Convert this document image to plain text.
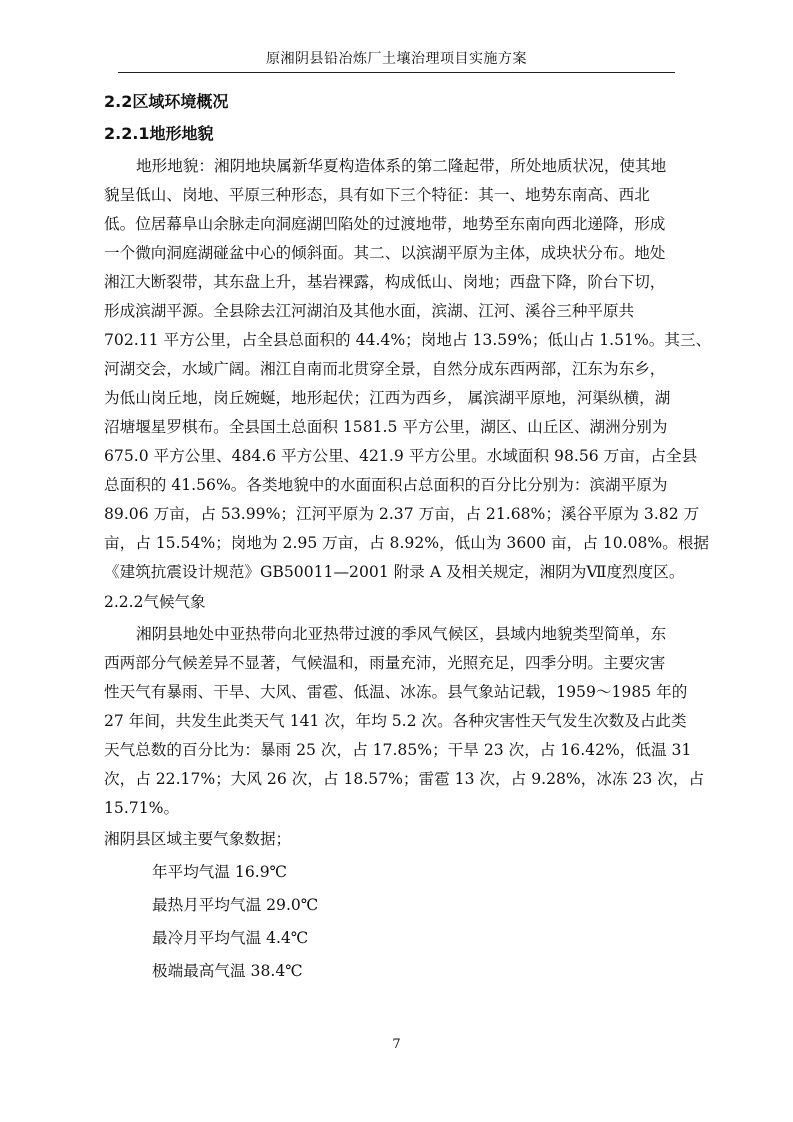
原湘阴县铅冶炼厂土壤治理项目实施方案
2.2区域环境概况
2.2.1地形地貌
地形地貌：湘阴地块属新华夏构造体系的第二隆起带，所处地质状况，使其地
貌呈低山、岗地、平原三种形态，具有如下三个特征：其一、地势东南高、西北
低。位居幕阜山余脉走向洞庭湖凹陷处的过渡地带，地势至东南向西北递降，形成
一个微向洞庭湖碰盆中心的倾斜面。其二、以滨湖平原为主体，成块状分布。地处
湘江大断裂带，其东盘上升，基岩裸露，构成低山、岗地；西盘下降，阶台下切，
形成滨湖平源。全县除去江河湖泊及其他水面，滨湖、江河、溪谷三种平原共
702.11 平方公里，占全县总面积的 44.4%；岗地占 13.59%；低山占 1.51%。其三、
河湖交会，水域广阔。湘江自南而北贯穿全景，自然分成东西两部，江东为东乡，
为低山岗丘地，岗丘婉蜒，地形起伏；江西为西乡， 属滨湖平原地，河渠纵横，湖
沼塘堰星罗棋布。全县国土总面积 1581.5 平方公里，湖区、山丘区、湖洲分别为
675.0 平方公里、484.6 平方公里、421.9 平方公里。水域面积 98.56 万亩，占全县
总面积的 41.56%。各类地貌中的水面面积占总面积的百分比分别为：滨湖平原为
89.06 万亩，占 53.99%；江河平原为 2.37 万亩，占 21.68%；溪谷平原为 3.82 万
亩，占 15.54%；岗地为 2.95 万亩，占 8.92%，低山为 3600 亩，占 10.08%。根据
《建筑抗震设计规范》GB50011—2001 附录 A 及相关规定，湘阴为Ⅶ度烈度区。
2.2.2气候气象
湘阴县地处中亚热带向北亚热带过渡的季风气候区，县域内地貌类型简单，东
西两部分气候差异不显著，气候温和，雨量充沛，光照充足，四季分明。主要灾害
性天气有暴雨、干旱、大风、雷雹、低温、冰冻。县气象站记载，1959～1985 年的
27 年间，共发生此类天气 141 次，年均 5.2 次。各种灾害性天气发生次数及占此类
天气总数的百分比为：暴雨 25 次，占 17.85%；干旱 23 次，占 16.42%，低温 31
次，占 22.17%；大风 26 次，占 18.57%；雷雹 13 次，占 9.28%，冰冻 23 次，占
15.71%。
湘阴县区域主要气象数据；
年平均气温 16.9℃
最热月平均气温 29.0℃
最冷月平均气温 4.4℃
极端最高气温 38.4℃
7
